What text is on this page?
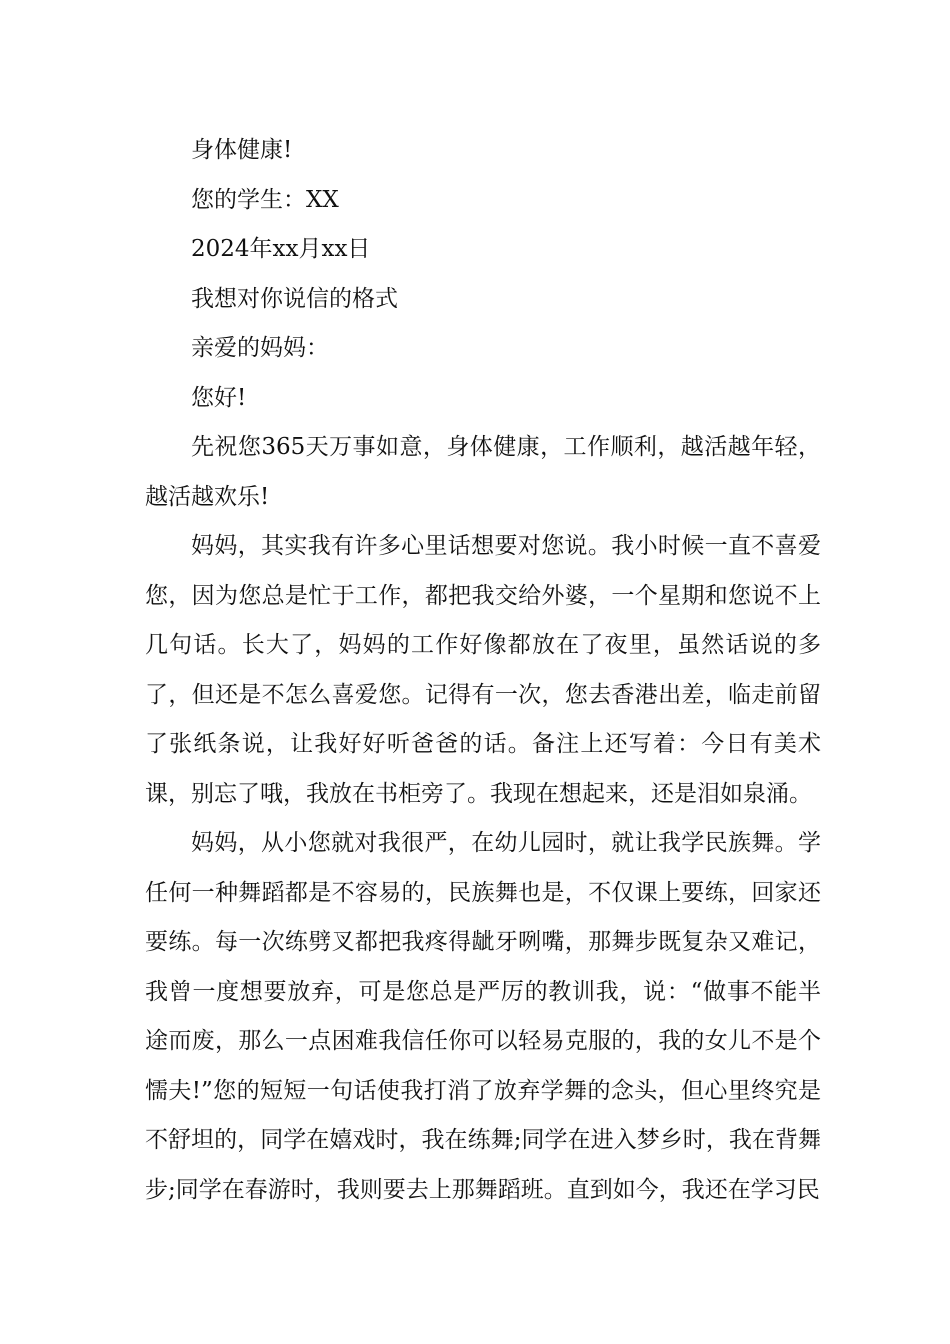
身体健康!

您的学生：XX

2024年xx月xx日

我想对你说信的格式

亲爱的妈妈：

您好!

先祝您365天万事如意，身体健康，工作顺利，越活越年轻，越活越欢乐!

妈妈，其实我有许多心里话想要对您说。我小时候一直不喜爱您，因为您总是忙于工作，都把我交给外婆，一个星期和您说不上几句话。长大了，妈妈的工作好像都放在了夜里，虽然话说的多了，但还是不怎么喜爱您。记得有一次，您去香港出差，临走前留了张纸条说，让我好好听爸爸的话。备注上还写着：今日有美术课，别忘了哦，我放在书柜旁了。我现在想起来，还是泪如泉涌。

妈妈，从小您就对我很严，在幼儿园时，就让我学民族舞。学任何一种舞蹈都是不容易的，民族舞也是，不仅课上要练，回家还要练。每一次练劈叉都把我疼得龇牙咧嘴，那舞步既复杂又难记，我曾一度想要放弃，可是您总是严厉的教训我，说：“做事不能半途而废，那么一点困难我信任你可以轻易克服的，我的女儿不是个懦夫!”您的短短一句话使我打消了放弃学舞的念头，但心里终究是不舒坦的，同学在嬉戏时，我在练舞;同学在进入梦乡时，我在背舞步;同学在春游时，我则要去上那舞蹈班。直到如今，我还在学习民
